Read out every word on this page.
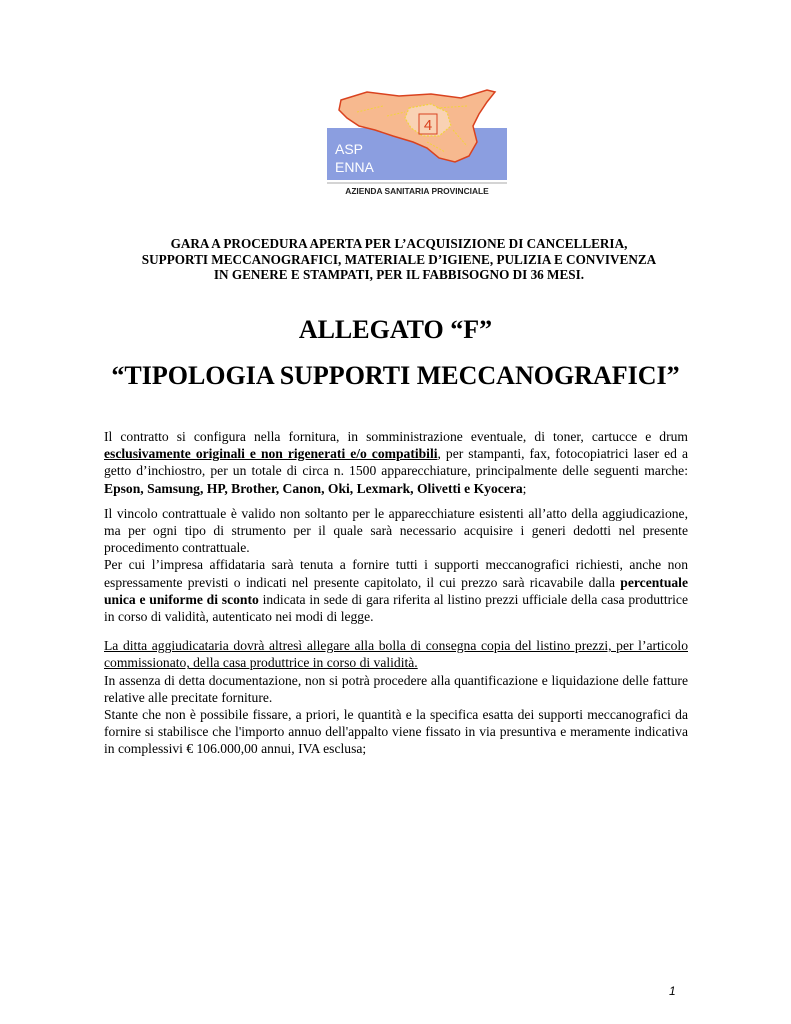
4
ASP
ENNA
AZIENDA SANITARIA PROVINCIALE
GARA A PROCEDURA APERTA PER L’ACQUISIZIONE DI CANCELLERIA,
SUPPORTI MECCANOGRAFICI, MATERIALE D’IGIENE, PULIZIA E CONVIVENZA
IN GENERE E STAMPATI, PER IL FABBISOGNO DI 36 MESI.
ALLEGATO “F”
“TIPOLOGIA SUPPORTI MECCANOGRAFICI”

Il contratto si configura nella fornitura, in somministrazione eventuale, di toner, cartucce e drum esclusivamente originali e non rigenerati e/o compatibili, per stampanti, fax, fotocopiatrici laser ed a getto d’inchiostro, per un totale di circa n. 1500 apparecchiature, principalmente delle seguenti marche: Epson, Samsung, HP, Brother, Canon, Oki, Lexmark, Olivetti e Kyocera;

Il vincolo contrattuale è valido non soltanto per le apparecchiature esistenti all’atto della aggiudicazione, ma per ogni tipo di strumento per il quale sarà necessario acquisire i generi dedotti nel presente procedimento contrattuale.

Per cui l’impresa affidataria sarà tenuta a fornire tutti i supporti meccanografici richiesti, anche non espressamente previsti o indicati nel presente capitolato, il cui prezzo sarà ricavabile dalla percentuale unica e uniforme di sconto indicata in sede di gara riferita al listino prezzi ufficiale della casa produttrice in corso di validità, autenticato nei modi di legge.

La ditta aggiudicataria dovrà altresì allegare alla bolla di consegna copia del listino prezzi, per l’articolo commissionato, della casa produttrice in corso di validità.

In assenza di detta documentazione, non si potrà procedere alla quantificazione e liquidazione delle fatture relative alle precitate forniture.

Stante che non è possibile fissare, a priori, le quantità e la specifica esatta dei supporti meccanografici da fornire si stabilisce che l'importo annuo dell'appalto viene fissato in via presuntiva e meramente indicativa in complessivi € 106.000,00 annui, IVA esclusa;

1
